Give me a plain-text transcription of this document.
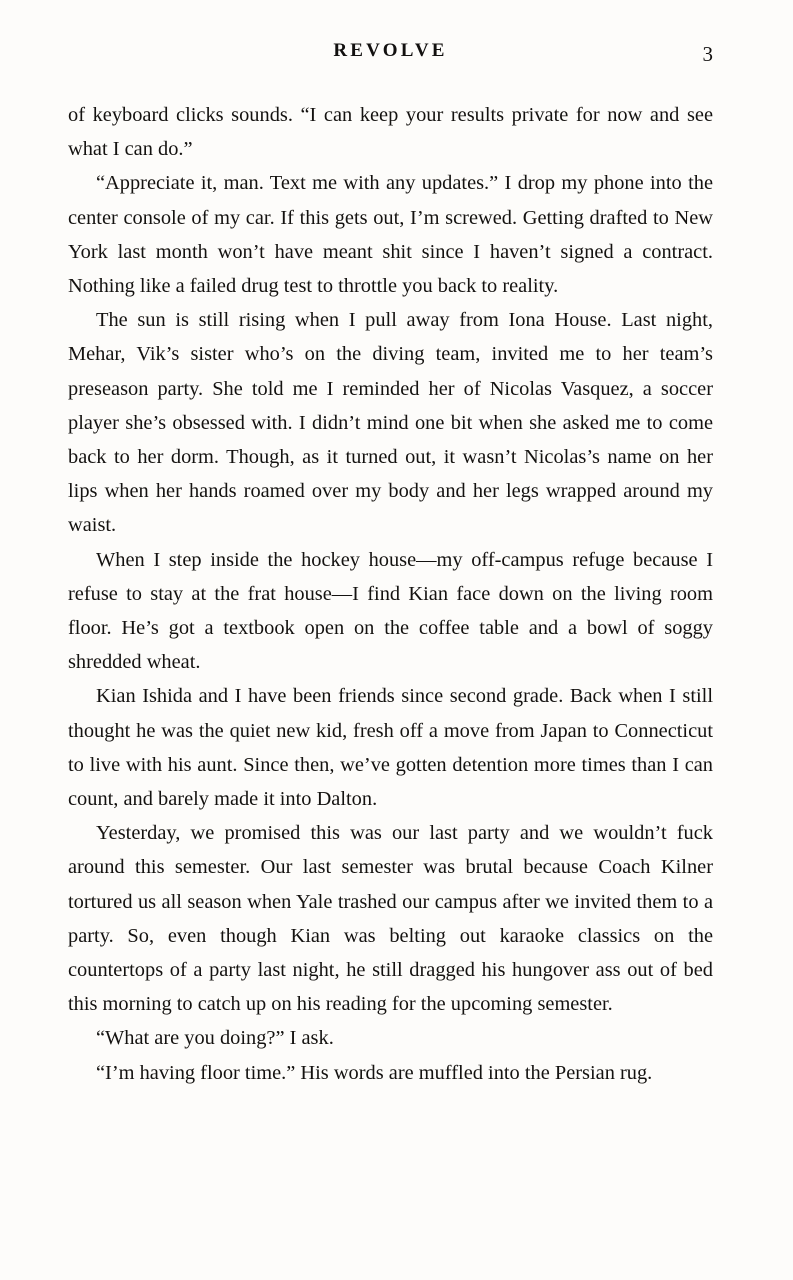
REVOLVE	3

of keyboard clicks sounds. “I can keep your results private for now and see what I can do.”

“Appreciate it, man. Text me with any updates.” I drop my phone into the center console of my car. If this gets out, I’m screwed. Getting drafted to New York last month won’t have meant shit since I haven’t signed a contract. Nothing like a failed drug test to throttle you back to reality.

The sun is still rising when I pull away from Iona House. Last night, Mehar, Vik’s sister who’s on the diving team, invited me to her team’s preseason party. She told me I reminded her of Nicolas Vasquez, a soccer player she’s obsessed with. I didn’t mind one bit when she asked me to come back to her dorm. Though, as it turned out, it wasn’t Nicolas’s name on her lips when her hands roamed over my body and her legs wrapped around my waist.

When I step inside the hockey house—my off-campus refuge because I refuse to stay at the frat house—I find Kian face down on the living room floor. He’s got a textbook open on the coffee table and a bowl of soggy shredded wheat.

Kian Ishida and I have been friends since second grade. Back when I still thought he was the quiet new kid, fresh off a move from Japan to Connecticut to live with his aunt. Since then, we’ve gotten detention more times than I can count, and barely made it into Dalton.

Yesterday, we promised this was our last party and we wouldn’t fuck around this semester. Our last semester was brutal because Coach Kilner tortured us all season when Yale trashed our campus after we invited them to a party. So, even though Kian was belting out karaoke classics on the countertops of a party last night, he still dragged his hungover ass out of bed this morning to catch up on his reading for the upcoming semester.

“What are you doing?” I ask.

“I’m having floor time.” His words are muffled into the Persian rug.
